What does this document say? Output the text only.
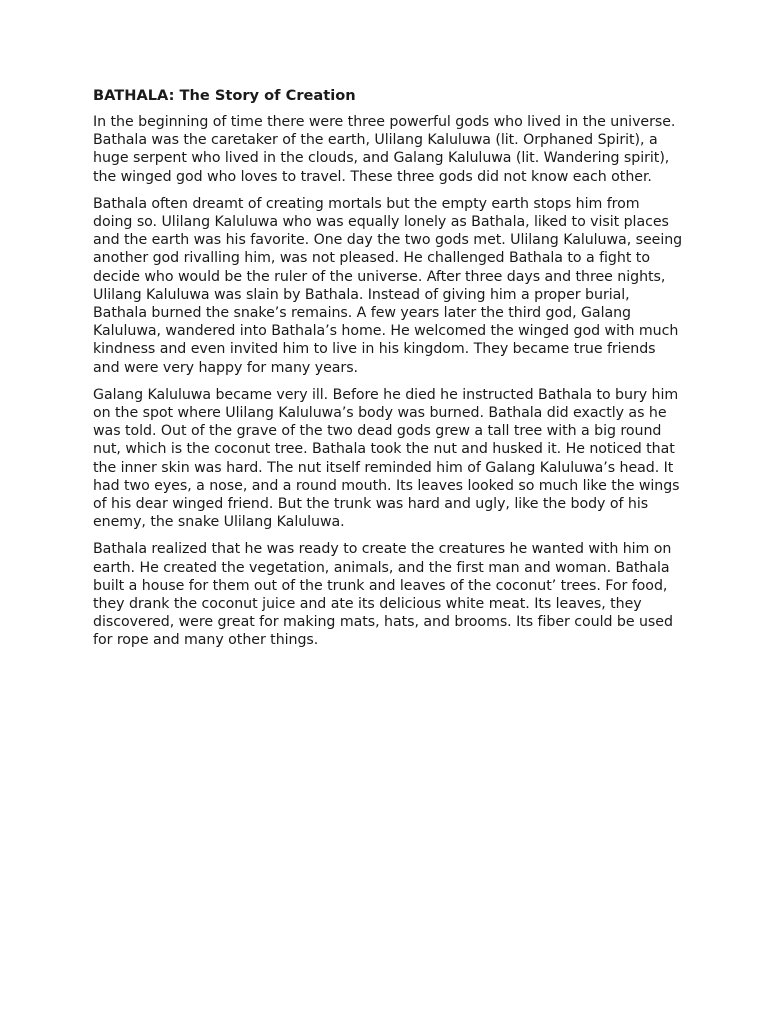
BATHALA: The Story of Creation

In the beginning of time there were three powerful gods who lived in the universe. Bathala was the caretaker of the earth, Ulilang Kaluluwa (lit. Orphaned Spirit), a huge serpent who lived in the clouds, and Galang Kaluluwa (lit. Wandering spirit), the winged god who loves to travel. These three gods did not know each other.

Bathala often dreamt of creating mortals but the empty earth stops him from doing so. Ulilang Kaluluwa who was equally lonely as Bathala, liked to visit places and the earth was his favorite. One day the two gods met. Ulilang Kaluluwa, seeing another god rivalling him, was not pleased. He challenged Bathala to a fight to decide who would be the ruler of the universe. After three days and three nights, Ulilang Kaluluwa was slain by Bathala. Instead of giving him a proper burial, Bathala burned the snake’s remains. A few years later the third god, Galang Kaluluwa, wandered into Bathala’s home. He welcomed the winged god with much kindness and even invited him to live in his kingdom. They became true friends and were very happy for many years.

Galang Kaluluwa became very ill. Before he died he instructed Bathala to bury him on the spot where Ulilang Kaluluwa’s body was burned. Bathala did exactly as he was told. Out of the grave of the two dead gods grew a tall tree with a big round nut, which is the coconut tree. Bathala took the nut and husked it. He noticed that the inner skin was hard. The nut itself reminded him of Galang Kaluluwa’s head. It had two eyes, a nose, and a round mouth. Its leaves looked so much like the wings of his dear winged friend. But the trunk was hard and ugly, like the body of his enemy, the snake Ulilang Kaluluwa.

Bathala realized that he was ready to create the creatures he wanted with him on earth. He created the vegetation, animals, and the first man and woman. Bathala built a house for them out of the trunk and leaves of the coconut’ trees. For food, they drank the coconut juice and ate its delicious white meat. Its leaves, they discovered, were great for making mats, hats, and brooms. Its fiber could be used for rope and many other things.
